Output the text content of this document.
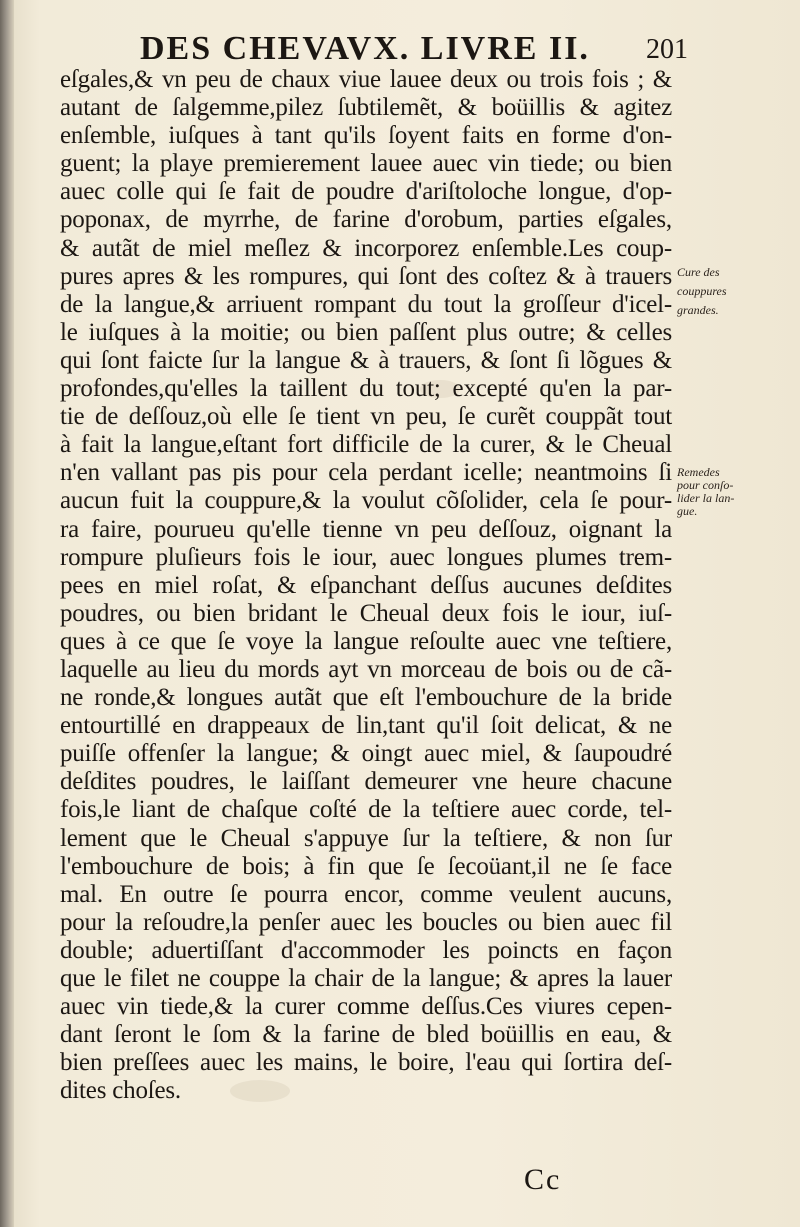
DES CHEVAVX. LIVRE II. 201
eſgales,& vn peu de chaux viue lauee deux ou trois fois ; &
autant de ſalgemme,pilez ſubtilemẽt, & boüillis & agitez
enſemble, iuſques à tant qu'ils ſoyent faits en forme d'on-
guent; la playe premierement lauee auec vin tiede; ou bien
auec colle qui ſe fait de poudre d'ariſtoloche longue, d'op-
poponax, de myrrhe, de farine d'orobum, parties eſgales,
& autãt de miel meſlez & incorporez enſemble.Les coup-
pures apres & les rompures, qui ſont des coſtez & à trauers
de la langue,& arriuent rompant du tout la groſſeur d'icel-
le iuſques à la moitie; ou bien paſſent plus outre; & celles
qui ſont faicte ſur la langue & à trauers, & ſont ſi lõgues &
profondes,qu'elles la taillent du tout; excepté qu'en la par-
tie de deſſouz,où elle ſe tient vn peu, ſe curẽt couppãt tout
à fait la langue,eſtant fort difficile de la curer, & le Cheual
n'en vallant pas pis pour cela perdant icelle; neantmoins ſi
aucun fuit la couppure,& la voulut cõſolider, cela ſe pour-
ra faire, pourueu qu'elle tienne vn peu deſſouz, oignant la
rompure pluſieurs fois le iour, auec longues plumes trem-
pees en miel roſat, & eſpanchant deſſus aucunes deſdites
poudres, ou bien bridant le Cheual deux fois le iour, iuſ-
ques à ce que ſe voye la langue reſoulte auec vne teſtiere,
laquelle au lieu du mords ayt vn morceau de bois ou de cã-
ne ronde,& longues autãt que eſt l'embouchure de la bride
entourtillé en drappeaux de lin,tant qu'il ſoit delicat, & ne
puiſſe offenſer la langue; & oingt auec miel, & ſaupoudré
deſdites poudres, le laiſſant demeurer vne heure chacune
fois,le liant de chaſque coſté de la teſtiere auec corde, tel-
lement que le Cheual s'appuye ſur la teſtiere, & non ſur
l'embouchure de bois; à fin que ſe ſecoüant,il ne ſe face
mal. En outre ſe pourra encor, comme veulent aucuns,
pour la reſoudre,la penſer auec les boucles ou bien auec fil
double; aduertiſſant d'accommoder les poincts en façon
que le filet ne couppe la chair de la langue; & apres la lauer
auec vin tiede,& la curer comme deſſus.Ces viures cepen-
dant ſeront le ſom & la farine de bled boüillis en eau, &
bien preſſees auec les mains, le boire, l'eau qui ſortira deſ-
dites choſes.
Cure des
couppures
grandes.
Remedes
pour conſo-
lider la lan-
gue.
Cc
